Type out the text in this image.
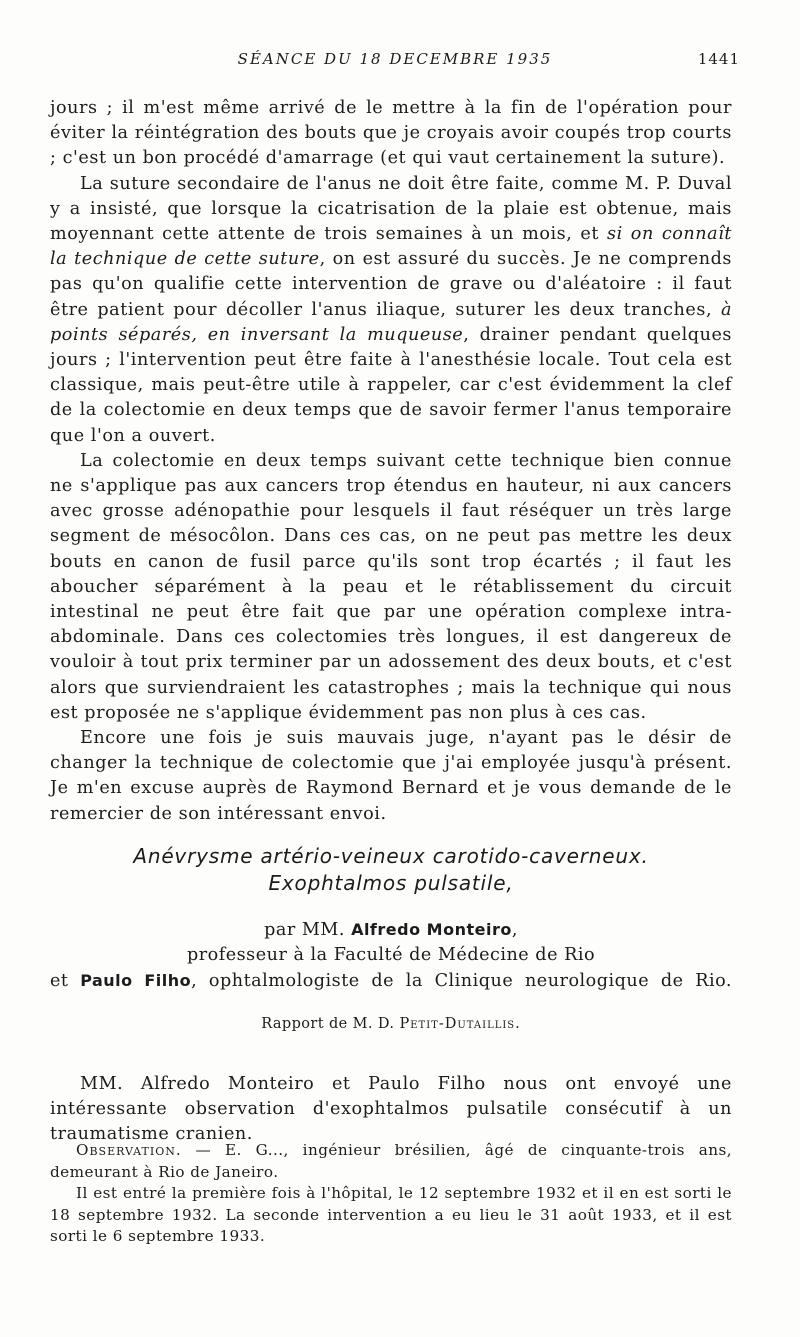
SÉANCE DU 18 DECEMBRE 1935	1441

jours ; il m'est même arrivé de le mettre à la fin de l'opération pour éviter la réintégration des bouts que je croyais avoir coupés trop courts ; c'est un bon procédé d'amarrage (et qui vaut certainement la suture).

La suture secondaire de l'anus ne doit être faite, comme M. P. Duval y a insisté, que lorsque la cicatrisation de la plaie est obtenue, mais moyennant cette attente de trois semaines à un mois, et si on connaît la technique de cette suture, on est assuré du succès. Je ne comprends pas qu'on qualifie cette intervention de grave ou d'aléatoire : il faut être patient pour décoller l'anus iliaque, suturer les deux tranches, à points séparés, en inversant la muqueuse, drainer pendant quelques jours ; l'intervention peut être faite à l'anesthésie locale. Tout cela est classique, mais peut-être utile à rappeler, car c'est évidemment la clef de la colectomie en deux temps que de savoir fermer l'anus temporaire que l'on a ouvert.

La colectomie en deux temps suivant cette technique bien connue ne s'applique pas aux cancers trop étendus en hauteur, ni aux cancers avec grosse adénopathie pour lesquels il faut réséquer un très large segment de mésocôlon. Dans ces cas, on ne peut pas mettre les deux bouts en canon de fusil parce qu'ils sont trop écartés ; il faut les aboucher séparément à la peau et le rétablissement du circuit intestinal ne peut être fait que par une opération complexe intra-abdominale. Dans ces colectomies très longues, il est dangereux de vouloir à tout prix terminer par un adossement des deux bouts, et c'est alors que surviendraient les catastrophes ; mais la technique qui nous est proposée ne s'applique évidemment pas non plus à ces cas.

Encore une fois je suis mauvais juge, n'ayant pas le désir de changer la technique de colectomie que j'ai employée jusqu'à présent. Je m'en excuse auprès de Raymond Bernard et je vous demande de le remercier de son intéressant envoi.

Anévrysme artério-veineux carotido-caverneux.
Exophtalmos pulsatile,
par MM. Alfredo Monteiro,
professeur à la Faculté de Médecine de Rio
et Paulo Filho, ophtalmologiste de la Clinique neurologique de Rio.
Rapport de M. D. Petit-Dutaillis.

MM. Alfredo Monteiro et Paulo Filho nous ont envoyé une intéressante observation d'exophtalmos pulsatile consécutif à un traumatisme cranien.

Observation. — E. G..., ingénieur brésilien, âgé de cinquante-trois ans, demeurant à Rio de Janeiro.

Il est entré la première fois à l'hôpital, le 12 septembre 1932 et il en est sorti le 18 septembre 1932. La seconde intervention a eu lieu le 31 août 1933, et il est sorti le 6 septembre 1933.
